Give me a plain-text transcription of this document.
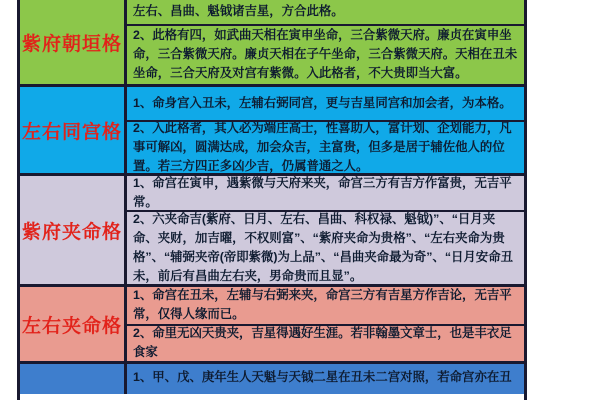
紫府朝垣格
左右、昌曲、魁钺诸吉星，方合此格。
2、此格有四，如武曲天相在寅申坐命，三合紫微天府。廉贞在寅申坐命，三合紫微天府。廉贞天相在子午坐命，三合紫微天府。天相在丑未坐命，三合天府及对宫有紫微。入此格者，不大贵即当大富。
左右同宫格
1、命身宫入丑未，左辅右弼同宫，更与吉星同宫和加会者，为本格。
2、入此格者，其人必为端庄高士，性喜助人，富计划、企划能力，凡事可解凶，圆满达成，加会众吉，主富贵，但多是居于辅佐他人的位置。若三方四正多凶少吉，仍属普通之人。
紫府夹命格
1、命宫在寅申，遇紫微与天府来夹，命宫三方有吉方作富贵，无吉平常。
2、六夹命吉(紫府、日月、左右、昌曲、科权禄、魁钺)”、“日月夹命、夹财，加吉曜，不权则富”、“紫府夹命为贵格”、“左右夹命为贵格”、“辅弼夹帝(帝即紫微)为上品”、“昌曲夹命最为奇”、“日月安命丑未，前后有昌曲左右夹，男命贵而且显”。
左右夹命格
1、命宫在丑未，左辅与右弼来夹，命宫三方有吉星方作吉论，无吉平常，仅得人缘而已。
2、命里无凶天贵夹，吉星得遇好生涯。若非翰墨文章士，也是丰衣足食家
1、甲、戊、庚年生人天魁与天钺二星在丑未二宫对照，若命宫亦在丑
